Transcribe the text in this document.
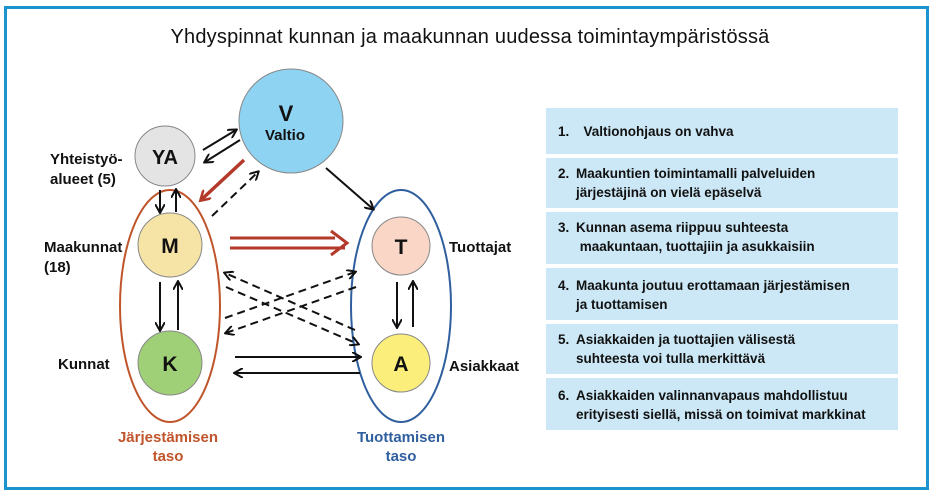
Yhdyspinnat kunnan ja maakunnan uudessa toimintaympäristössä
V
Valtio
YA
M
K
T
A
Yhteistyö-
alueet (5)
Maakunnat
(18)
Kunnat
Tuottajat
Asiakkaat
Järjestämisen
taso
Tuottamisen
taso
1. Valtionohjaus on vahva
2. Maakuntien toimintamalli palveluiden
järjestäjinä on vielä epäselvä
3. Kunnan asema riippuu suhteesta
maakuntaan, tuottajiin ja asukkaisiin
4. Maakunta joutuu erottamaan järjestämisen
ja tuottamisen
5. Asiakkaiden ja tuottajien välisestä
suhteesta voi tulla merkittävä
6. Asiakkaiden valinnanvapaus mahdollistuu
erityisesti siellä, missä on toimivat markkinat
